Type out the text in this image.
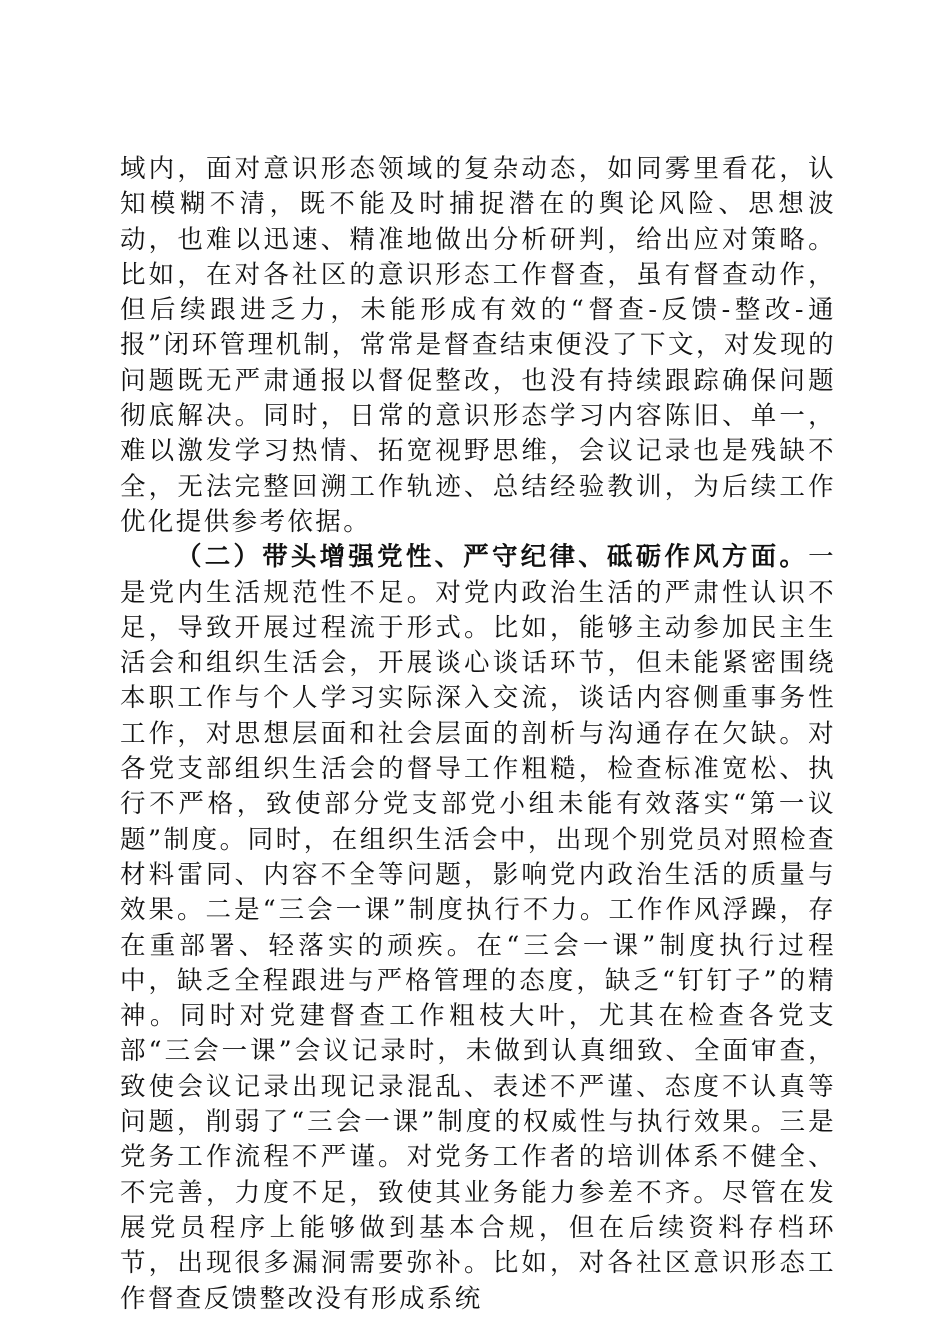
域内，面对意识形态领域的复杂动态，如同雾里看花，认知模糊不清，既不能及时捕捉潜在的舆论风险、思想波动，也难以迅速、精准地做出分析研判，给出应对策略。比如，在对各社区的意识形态工作督查，虽有督查动作，但后续跟进乏力，未能形成有效的“督查-反馈-整改-通报”闭环管理机制，常常是督查结束便没了下文，对发现的问题既无严肃通报以督促整改，也没有持续跟踪确保问题彻底解决。同时，日常的意识形态学习内容陈旧、单一，难以激发学习热情、拓宽视野思维，会议记录也是残缺不全，无法完整回溯工作轨迹、总结经验教训，为后续工作优化提供参考依据。

（二）带头增强党性、严守纪律、砥砺作风方面。一是党内生活规范性不足。对党内政治生活的严肃性认识不足，导致开展过程流于形式。比如，能够主动参加民主生活会和组织生活会，开展谈心谈话环节，但未能紧密围绕本职工作与个人学习实际深入交流，谈话内容侧重事务性工作，对思想层面和社会层面的剖析与沟通存在欠缺。对各党支部组织生活会的督导工作粗糙，检查标准宽松、执行不严格，致使部分党支部党小组未能有效落实“第一议题”制度。同时，在组织生活会中，出现个别党员对照检查材料雷同、内容不全等问题，影响党内政治生活的质量与效果。二是“三会一课”制度执行不力。工作作风浮躁，存在重部署、轻落实的顽疾。在“三会一课”制度执行过程中，缺乏全程跟进与严格管理的态度，缺乏“钉钉子”的精神。同时对党建督查工作粗枝大叶，尤其在检查各党支部“三会一课”会议记录时，未做到认真细致、全面审查，致使会议记录出现记录混乱、表述不严谨、态度不认真等问题，削弱了“三会一课”制度的权威性与执行效果。三是党务工作流程不严谨。对党务工作者的培训体系不健全、不完善，力度不足，致使其业务能力参差不齐。尽管在发展党员程序上能够做到基本合规，但在后续资料存档环节，出现很多漏洞需要弥补。比如，对各社区意识形态工作督查反馈整改没有形成系统
